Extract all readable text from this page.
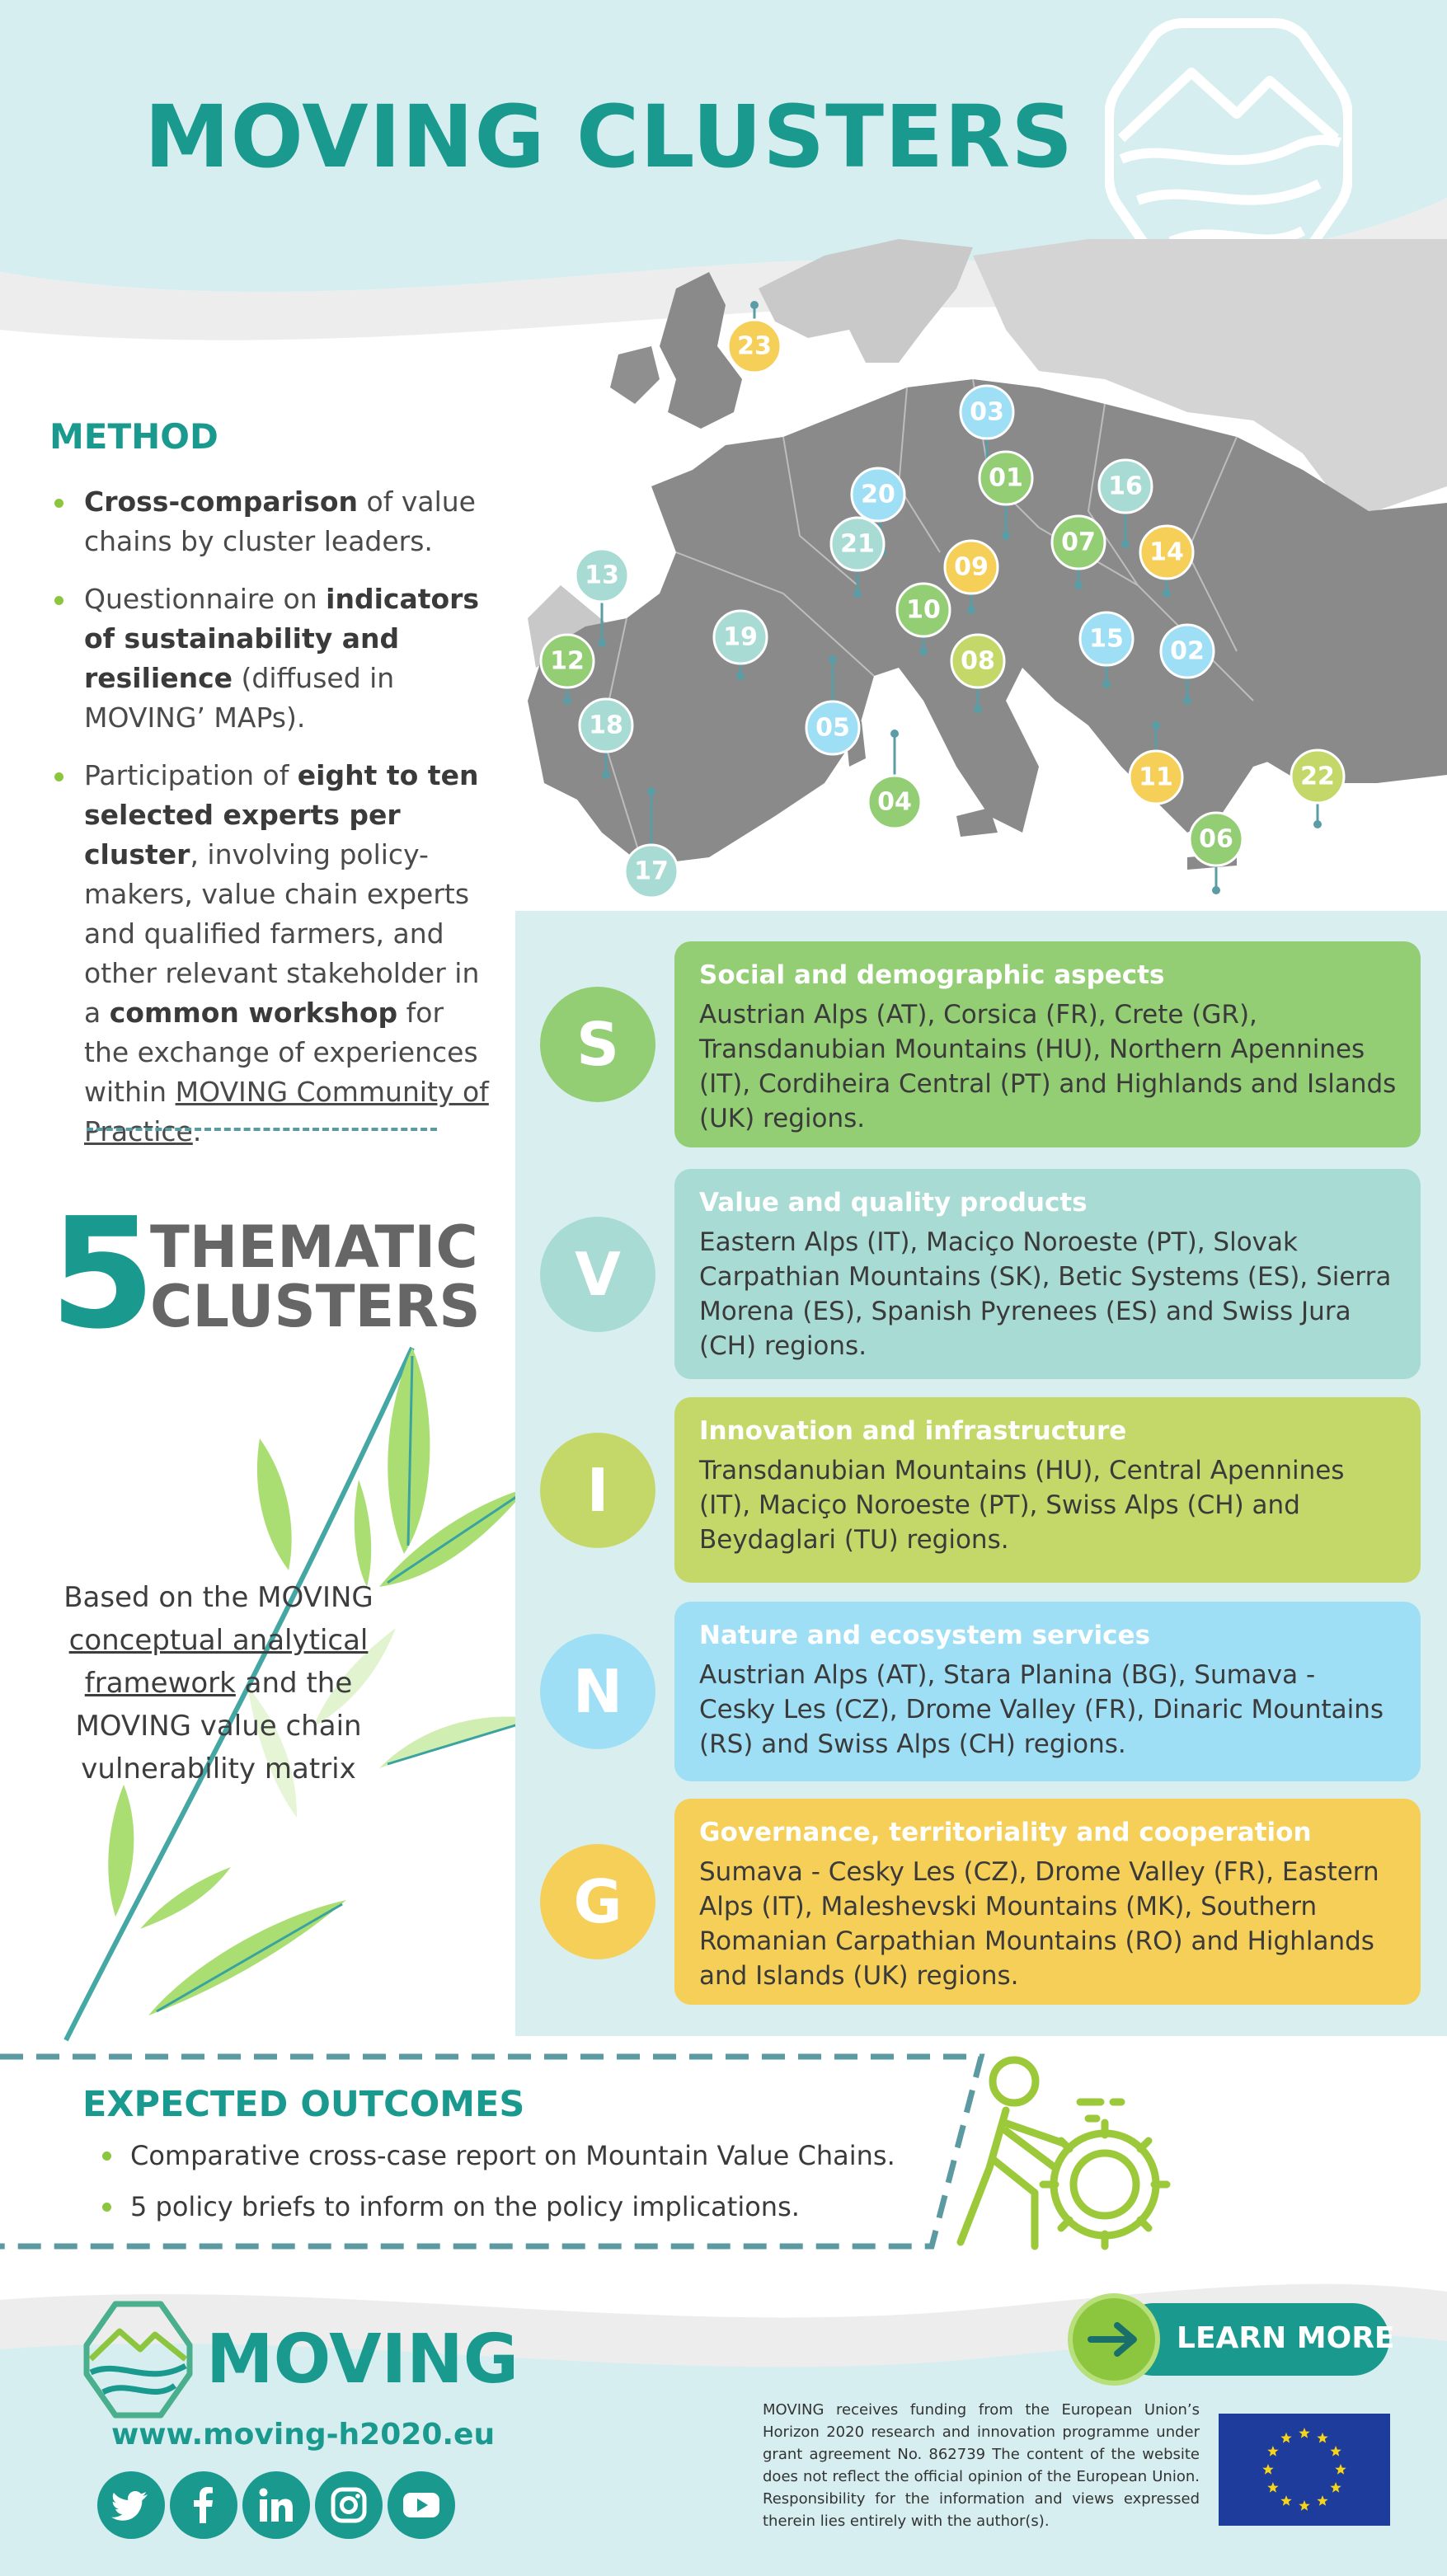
MOVING CLUSTERS
23
03
01
20	16
21	07 14
09
13
10
19	15 02
12	08
18	05
11	22
04
06
17
METHOD
Cross-comparison of value chains by cluster leaders.
Questionnaire on indicators of sustainability and resilience (diffused in MOVING’ MAPs).
Participation of eight to ten selected experts per cluster, involving policy-makers, value chain experts and qualified farmers, and other relevant stakeholder in a common workshop for the exchange of experiences within MOVING Community of Practice.
5
THEMATIC
CLUSTERS
Based on the MOVING conceptual analytical framework and the MOVING value chain vulnerability matrix
S
Social and demographic aspects
Austrian Alps (AT), Corsica (FR), Crete (GR), Transdanubian Mountains (HU), Northern Apennines (IT), Cordiheira Central (PT) and Highlands and Islands (UK) regions.
V
Value and quality products
Eastern Alps (IT), Maciço Noroeste (PT), Slovak Carpathian Mountains (SK), Betic Systems (ES), Sierra Morena (ES), Spanish Pyrenees (ES) and Swiss Jura (CH) regions.
I
Innovation and infrastructure
Transdanubian Mountains (HU), Central Apennines (IT), Maciço Noroeste (PT), Swiss Alps (CH) and Beydaglari (TU) regions.
N
Nature and ecosystem services
Austrian Alps (AT), Stara Planina (BG), Sumava - Cesky Les (CZ), Drome Valley (FR), Dinaric Mountains (RS) and Swiss Alps (CH) regions.
G
Governance, territoriality and cooperation
Sumava - Cesky Les (CZ), Drome Valley (FR), Eastern Alps (IT), Maleshevski Mountains (MK), Southern Romanian Carpathian Mountains (RO) and Highlands and Islands (UK) regions.
EXPECTED OUTCOMES
Comparative cross-case report on Mountain Value Chains.
5 policy briefs to inform on the policy implications.
MOVING
www.moving-h2020.eu
LEARN MORE
MOVING receives funding from the European Union’s Horizon 2020 research and innovation programme under grant agreement No. 862739 The content of the website does not reflect the official opinion of the European Union. Responsibility for the information and views expressed therein lies entirely with the author(s).
